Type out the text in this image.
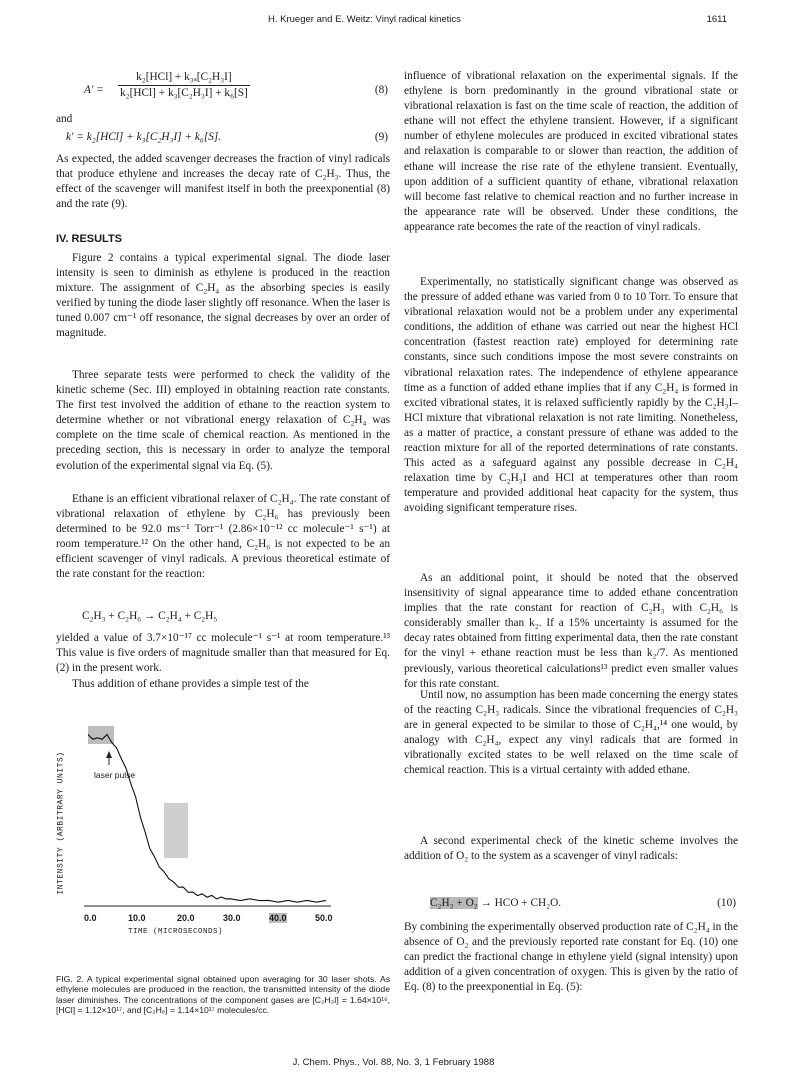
H. Krueger and E. Weitz: Vinyl radical kinetics	1611
A′ =
k₂[HCl] + k₃ₐ[C₂H₃I]
k₂[HCl] + k₃[C₂H₃I] + k₆[S]	(8)

and

k′ = k₂[HCl] + k₃[C₂H₃I] + k₆[S].	(9)

As expected, the added scavenger decreases the fraction of vinyl radicals that produce ethylene and increases the decay rate of C₂H₃. Thus, the effect of the scavenger will manifest itself in both the preexponential (8) and the rate (9).

IV. RESULTS

Figure 2 contains a typical experimental signal. The diode laser intensity is seen to diminish as ethylene is produced in the reaction mixture. The assignment of C₂H₄ as the absorbing species is easily verified by tuning the diode laser slightly off resonance. When the laser is tuned 0.007 cm⁻¹ off resonance, the signal decreases by over an order of magnitude.

Three separate tests were performed to check the validity of the kinetic scheme (Sec. III) employed in obtaining reaction rate constants. The first test involved the addition of ethane to the reaction system to determine whether or not vibrational energy relaxation of C₂H₄ was complete on the time scale of chemical reaction. As mentioned in the preceding section, this is necessary in order to analyze the temporal evolution of the experimental signal via Eq. (5).

Ethane is an efficient vibrational relaxer of C₂H₄. The rate constant of vibrational relaxation of ethylene by C₂H₆ has previously been determined to be 92.0 ms⁻¹ Torr⁻¹ (2.86×10⁻¹² cc molecule⁻¹ s⁻¹) at room temperature.¹² On the other hand, C₂H₆ is not expected to be an efficient scavenger of vinyl radicals. A previous theoretical estimate of the rate constant for the reaction:

C₂H₃ + C₂H₆ → C₂H₄ + C₂H₅

yielded a value of 3.7×10⁻¹⁷ cc molecule⁻¹ s⁻¹ at room temperature.¹³ This value is five orders of magnitude smaller than that measured for Eq. (2) in the present work.

Thus addition of ethane provides a simple test of the

FIG. 2. A typical experimental signal obtained upon averaging for 30 laser shots. As ethylene molecules are produced in the reaction, the transmitted intensity of the diode laser diminishes. The concentrations of the component gases are [C₂H₃I] = 1.64×10¹⁶, [HCl] = 1.12×10¹⁷, and [C₂H₆] = 1.14×10¹⁷ molecules/cc.

INTENSITY (ARBITRARY UNITS)	laser pulse
0.0	10.0	20.0	30.0	40.0	50.0
TIME (MICROSECONDS)

influence of vibrational relaxation on the experimental signals. If the ethylene is born predominantly in the ground vibrational state or vibrational relaxation is fast on the time scale of reaction, the addition of ethane will not effect the ethylene transient. However, if a significant number of ethylene molecules are produced in excited vibrational states and relaxation is comparable to or slower than reaction, the addition of ethane will increase the rise rate of the ethylene transient. Eventually, upon addition of a sufficient quantity of ethane, vibrational relaxation will become fast relative to chemical reaction and no further increase in the appearance rate will be observed. Under these conditions, the appearance rate becomes the rate of the reaction of vinyl radicals.

Experimentally, no statistically significant change was observed as the pressure of added ethane was varied from 0 to 10 Torr. To ensure that vibrational relaxation would not be a problem under any experimental conditions, the addition of ethane was carried out near the highest HCl concentration (fastest reaction rate) employed for determining rate constants, since such conditions impose the most severe constraints on vibrational relaxation rates. The independence of ethylene appearance time as a function of added ethane implies that if any C₂H₄ is formed in excited vibrational states, it is relaxed sufficiently rapidly by the C₂H₃I–HCl mixture that vibrational relaxation is not rate limiting. Nonetheless, as a matter of practice, a constant pressure of ethane was added to the reaction mixture for all of the reported determinations of rate constants. This acted as a safeguard against any possible decrease in C₂H₄ relaxation time by C₂H₃I and HCl at temperatures other than room temperature and provided additional heat capacity for the system, thus avoiding significant temperature rises.

As an additional point, it should be noted that the observed insensitivity of signal appearance time to added ethane concentration implies that the rate constant for reaction of C₂H₃ with C₂H₆ is considerably smaller than k₂. If a 15% uncertainty is assumed for the decay rates obtained from fitting experimental data, then the rate constant for the vinyl + ethane reaction must be less than k₂/7. As mentioned previously, various theoretical calculations¹³ predict even smaller values for this rate constant.

Until now, no assumption has been made concerning the energy states of the reacting C₂H₃ radicals. Since the vibrational frequencies of C₂H₃ are in general expected to be similar to those of C₂H₄,¹⁴ one would, by analogy with C₂H₄, expect any vinyl radicals that are formed in vibrationally excited states to be well relaxed on the time scale of chemical reaction. This is a virtual certainty with added ethane.

A second experimental check of the kinetic scheme involves the addition of O₂ to the system as a scavenger of vinyl radicals:

C₂H₃ + O₂ → HCO + CH₂O.	(10)

By combining the experimentally observed production rate of C₂H₄ in the absence of O₂ and the previously reported rate constant for Eq. (10) one can predict the fractional change in ethylene yield (signal intensity) upon addition of a given concentration of oxygen. This is given by the ratio of Eq. (8) to the preexponential in Eq. (5):

J. Chem. Phys., Vol. 88, No. 3, 1 February 1988
